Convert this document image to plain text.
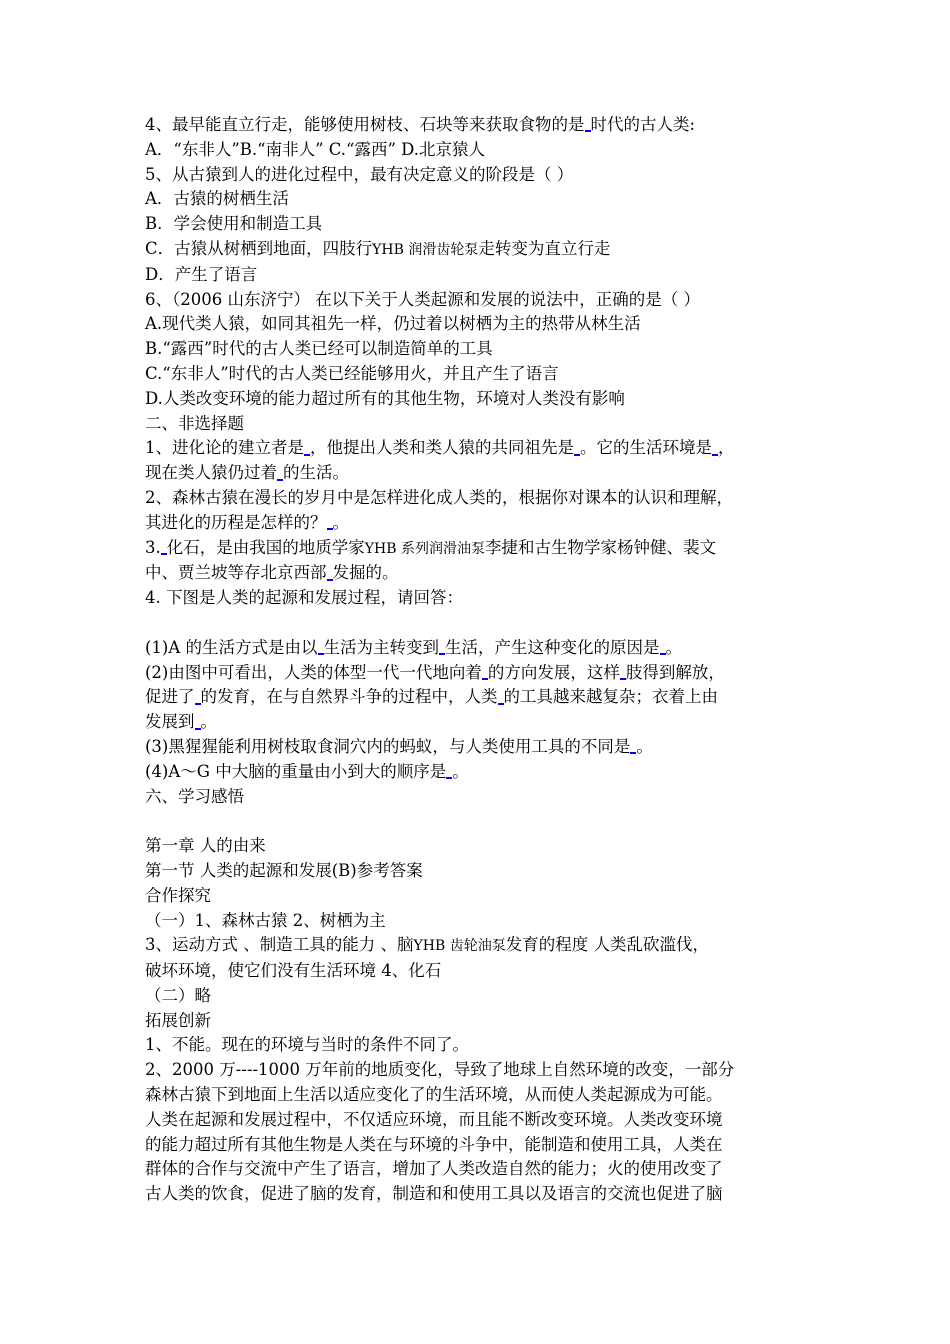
4、最早能直立行走，能够使用树枝、石块等来获取食物的是 时代的古人类:
A．“东非人”B.“南非人” C.“露西” D.北京猿人
5、从古猿到人的进化过程中，最有决定意义的阶段是（ ）
A．古猿的树栖生活
B．学会使用和制造工具
C．古猿从树栖到地面，四肢行YHB 润滑齿轮泵走转变为直立行走
D．产生了语言
6、（2006 山东济宁） 在以下关于人类起源和发展的说法中，正确的是（ ）
A.现代类人猿，如同其祖先一样，仍过着以树栖为主的热带从林生活
B.“露西”时代的古人类已经可以制造简单的工具
C.“东非人”时代的古人类已经能够用火，并且产生了语言
D.人类改变环境的能力超过所有的其他生物，环境对人类没有影响
二、非选择题
1、进化论的建立者是 ，他提出人类和类人猿的共同祖先是 。它的生活环境是 ，
现在类人猿仍过着 的生活。
2、森林古猿在漫长的岁月中是怎样进化成人类的，根据你对课本的认识和理解，
其进化的历程是怎样的？ 。
3. 化石，是由我国的地质学家YHB 系列润滑油泵李捷和古生物学家杨钟健、裴文
中、贾兰坡等存北京西部 发掘的。
4. 下图是人类的起源和发展过程，请回答：
(1)A 的生活方式是由以 生活为主转变到 生活，产生这种变化的原因是 。
(2)由图中可看出，人类的体型一代一代地向着 的方向发展，这样 肢得到解放，
促进了 的发育，在与自然界斗争的过程中，人类 的工具越来越复杂；衣着上由
发展到 。
(3)黑猩猩能利用树枝取食洞穴内的蚂蚁，与人类使用工具的不同是 。
(4)A～G 中大脑的重量由小到大的顺序是 。
六、学习感悟
第一章 人的由来
第一节 人类的起源和发展(B)参考答案
合作探究
（一）1、森林古猿 2、树栖为主
3、运动方式 、制造工具的能力 、脑YHB 齿轮油泵发育的程度 人类乱砍滥伐，
破坏环境，使它们没有生活环境 4、化石
（二）略
拓展创新
1、不能。现在的环境与当时的条件不同了。
2、2000 万----1000 万年前的地质变化，导致了地球上自然环境的改变，一部分
森林古猿下到地面上生活以适应变化了的生活环境，从而使人类起源成为可能。
人类在起源和发展过程中，不仅适应环境，而且能不断改变环境。人类改变环境
的能力超过所有其他生物是人类在与环境的斗争中，能制造和使用工具，人类在
群体的合作与交流中产生了语言，增加了人类改造自然的能力；火的使用改变了
古人类的饮食，促进了脑的发育，制造和和使用工具以及语言的交流也促进了脑
